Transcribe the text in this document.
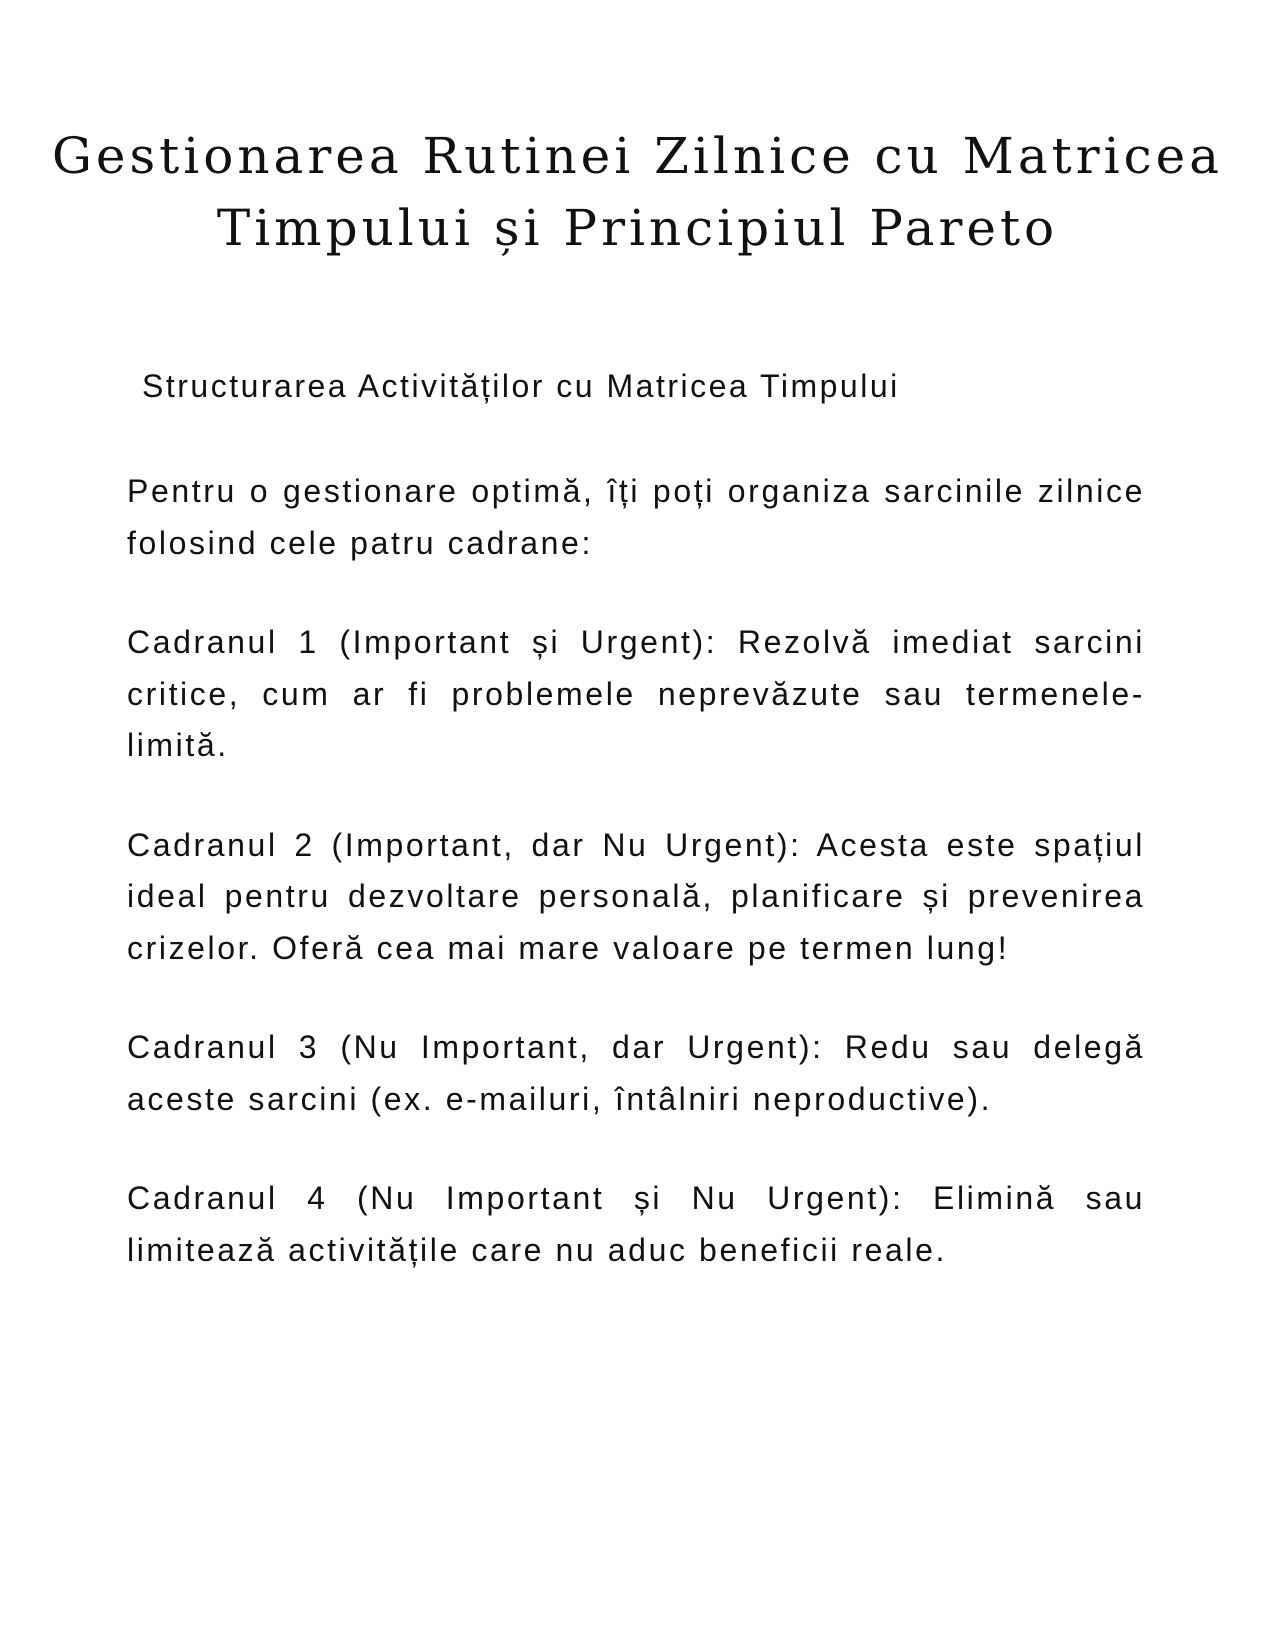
Gestionarea Rutinei Zilnice cu Matricea
Timpului și Principiul Pareto
Structurarea Activităților cu Matricea Timpului

Pentru o gestionare optimă, îți poți organiza sarcinile zilnice folosind cele patru cadrane:

Cadranul 1 (Important și Urgent): Rezolvă imediat sarcini critice, cum ar fi problemele neprevăzute sau termenele-limită.

Cadranul 2 (Important, dar Nu Urgent): Acesta este spațiul ideal pentru dezvoltare personală, planificare și prevenirea crizelor. Oferă cea mai mare valoare pe termen lung!

Cadranul 3 (Nu Important, dar Urgent): Redu sau delegă aceste sarcini (ex. e-mailuri, întâlniri neproductive).

Cadranul 4 (Nu Important și Nu Urgent): Elimină sau limitează activitățile care nu aduc beneficii reale.
